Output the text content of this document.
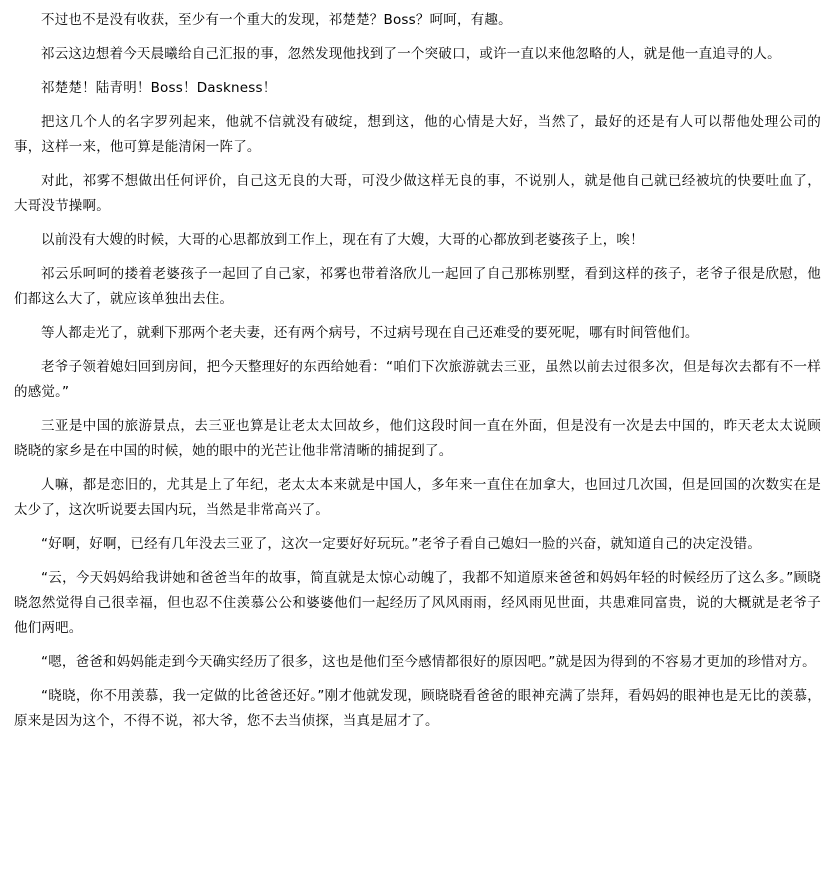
不过也不是没有收获，至少有一个重大的发现，祁楚楚？Boss？呵呵，有趣。

祁云这边想着今天晨曦给自己汇报的事，忽然发现他找到了一个突破口，或许一直以来他忽略的人，就是他一直追寻的人。

祁楚楚！陆青明！Boss！Daskness！

把这几个人的名字罗列起来，他就不信就没有破绽，想到这，他的心情是大好，当然了，最好的还是有人可以帮他处理公司的事，这样一来，他可算是能清闲一阵了。

对此，祁雾不想做出任何评价，自己这无良的大哥，可没少做这样无良的事，不说别人，就是他自己就已经被坑的快要吐血了，大哥没节操啊。

以前没有大嫂的时候，大哥的心思都放到工作上，现在有了大嫂，大哥的心都放到老婆孩子上，唉！

祁云乐呵呵的搂着老婆孩子一起回了自己家，祁雾也带着洛欣儿一起回了自己那栋别墅，看到这样的孩子，老爷子很是欣慰，他们都这么大了，就应该单独出去住。

等人都走光了，就剩下那两个老夫妻，还有两个病号，不过病号现在自己还难受的要死呢，哪有时间管他们。

老爷子领着媳妇回到房间，把今天整理好的东西给她看：“咱们下次旅游就去三亚，虽然以前去过很多次，但是每次去都有不一样的感觉。”

三亚是中国的旅游景点，去三亚也算是让老太太回故乡，他们这段时间一直在外面，但是没有一次是去中国的，昨天老太太说顾晓晓的家乡是在中国的时候，她的眼中的光芒让他非常清晰的捕捉到了。

人嘛，都是恋旧的，尤其是上了年纪，老太太本来就是中国人，多年来一直住在加拿大，也回过几次国，但是回国的次数实在是太少了，这次听说要去国内玩，当然是非常高兴了。

“好啊，好啊，已经有几年没去三亚了，这次一定要好好玩玩。”老爷子看自己媳妇一脸的兴奋，就知道自己的决定没错。

“云，今天妈妈给我讲她和爸爸当年的故事，简直就是太惊心动魄了，我都不知道原来爸爸和妈妈年轻的时候经历了这么多。”顾晓晓忽然觉得自己很幸福，但也忍不住羡慕公公和婆婆他们一起经历了风风雨雨，经风雨见世面，共患难同富贵，说的大概就是老爷子他们两吧。

“嗯，爸爸和妈妈能走到今天确实经历了很多，这也是他们至今感情都很好的原因吧。”就是因为得到的不容易才更加的珍惜对方。

“晓晓，你不用羡慕，我一定做的比爸爸还好。”刚才他就发现，顾晓晓看爸爸的眼神充满了崇拜，看妈妈的眼神也是无比的羡慕，原来是因为这个，不得不说，祁大爷，您不去当侦探，当真是屈才了。
